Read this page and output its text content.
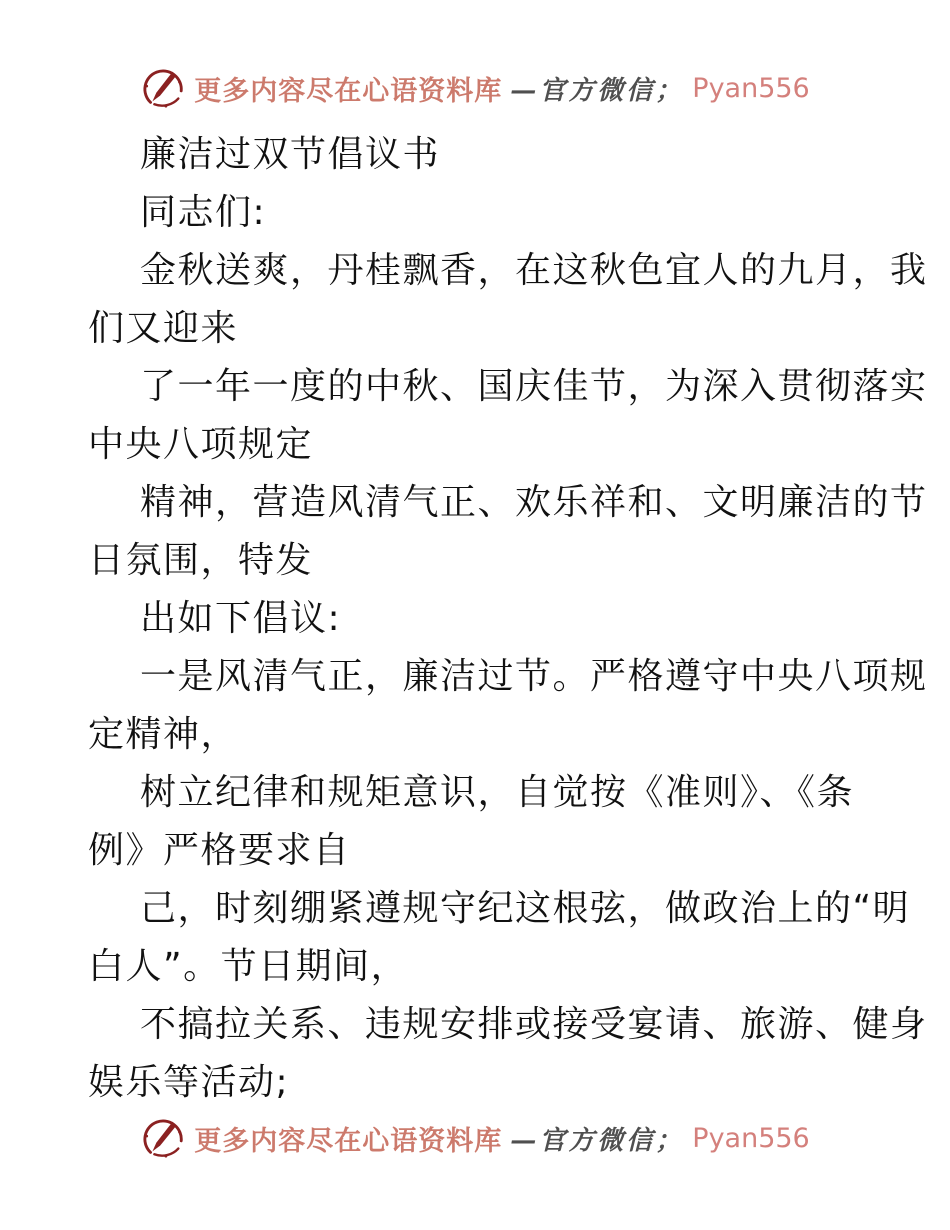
更多内容尽在心语资料库 —官方微信； Pyan556
廉洁过双节倡议书
同志们:
金秋送爽，丹桂飘香，在这秋色宜人的九月，我
们又迎来
了一年一度的中秋、国庆佳节，为深入贯彻落实
中央八项规定
精神，营造风清气正、欢乐祥和、文明廉洁的节
日氛围，特发
出如下倡议:
一是风清气正，廉洁过节。严格遵守中央八项规
定精神，
树立纪律和规矩意识，自觉按《准则》、《条
例》严格要求自
己，时刻绷紧遵规守纪这根弦，做政治上的“明
白人”。节日期间，
不搞拉关系、违规安排或接受宴请、旅游、健身
娱乐等活动;
更多内容尽在心语资料库 —官方微信； Pyan556
